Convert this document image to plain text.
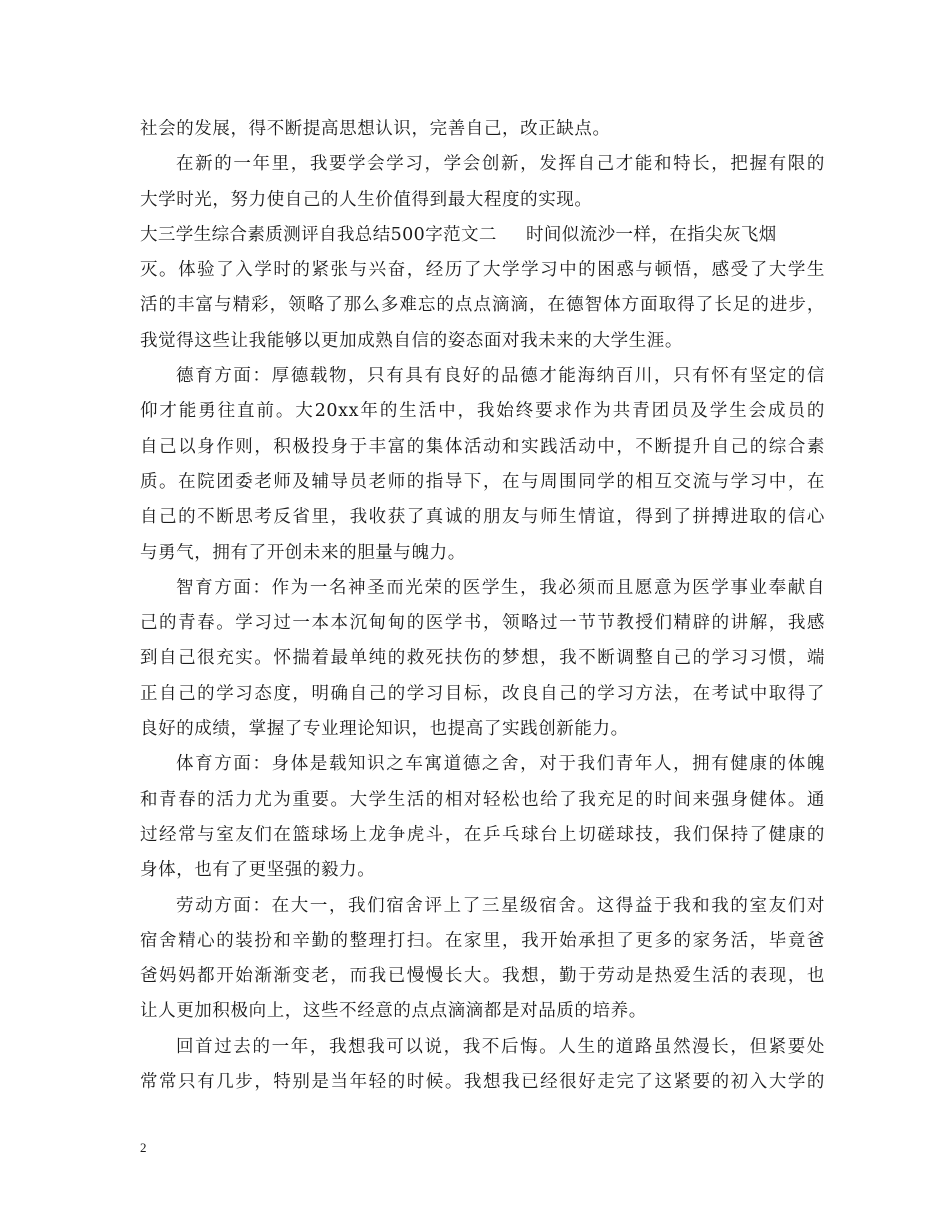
社会的发展，得不断提高思想认识，完善自己，改正缺点。
在新的一年里，我要学会学习，学会创新，发挥自己才能和特长，把握有限的
大学时光，努力使自己的人生价值得到最大程度的实现。
大三学生综合素质测评自我总结500字范文二 时间似流沙一样，在指尖灰飞烟
灭。体验了入学时的紧张与兴奋，经历了大学学习中的困惑与顿悟，感受了大学生
活的丰富与精彩，领略了那么多难忘的点点滴滴，在德智体方面取得了长足的进步，
我觉得这些让我能够以更加成熟自信的姿态面对我未来的大学生涯。
德育方面：厚德载物，只有具有良好的品德才能海纳百川，只有怀有坚定的信
仰才能勇往直前。大20xx年的生活中，我始终要求作为共青团员及学生会成员的
自己以身作则，积极投身于丰富的集体活动和实践活动中，不断提升自己的综合素
质。在院团委老师及辅导员老师的指导下，在与周围同学的相互交流与学习中，在
自己的不断思考反省里，我收获了真诚的朋友与师生情谊，得到了拼搏进取的信心
与勇气，拥有了开创未来的胆量与魄力。
智育方面：作为一名神圣而光荣的医学生，我必须而且愿意为医学事业奉献自
己的青春。学习过一本本沉甸甸的医学书，领略过一节节教授们精辟的讲解，我感
到自己很充实。怀揣着最单纯的救死扶伤的梦想，我不断调整自己的学习习惯，端
正自己的学习态度，明确自己的学习目标，改良自己的学习方法，在考试中取得了
良好的成绩，掌握了专业理论知识，也提高了实践创新能力。
体育方面：身体是载知识之车寓道德之舍，对于我们青年人，拥有健康的体魄
和青春的活力尤为重要。大学生活的相对轻松也给了我充足的时间来强身健体。通
过经常与室友们在篮球场上龙争虎斗，在乒乓球台上切磋球技，我们保持了健康的
身体，也有了更坚强的毅力。
劳动方面：在大一，我们宿舍评上了三星级宿舍。这得益于我和我的室友们对
宿舍精心的装扮和辛勤的整理打扫。在家里，我开始承担了更多的家务活，毕竟爸
爸妈妈都开始渐渐变老，而我已慢慢长大。我想，勤于劳动是热爱生活的表现，也
让人更加积极向上，这些不经意的点点滴滴都是对品质的培养。
回首过去的一年，我想我可以说，我不后悔。人生的道路虽然漫长，但紧要处
常常只有几步，特别是当年轻的时候。我想我已经很好走完了这紧要的初入大学的
2
